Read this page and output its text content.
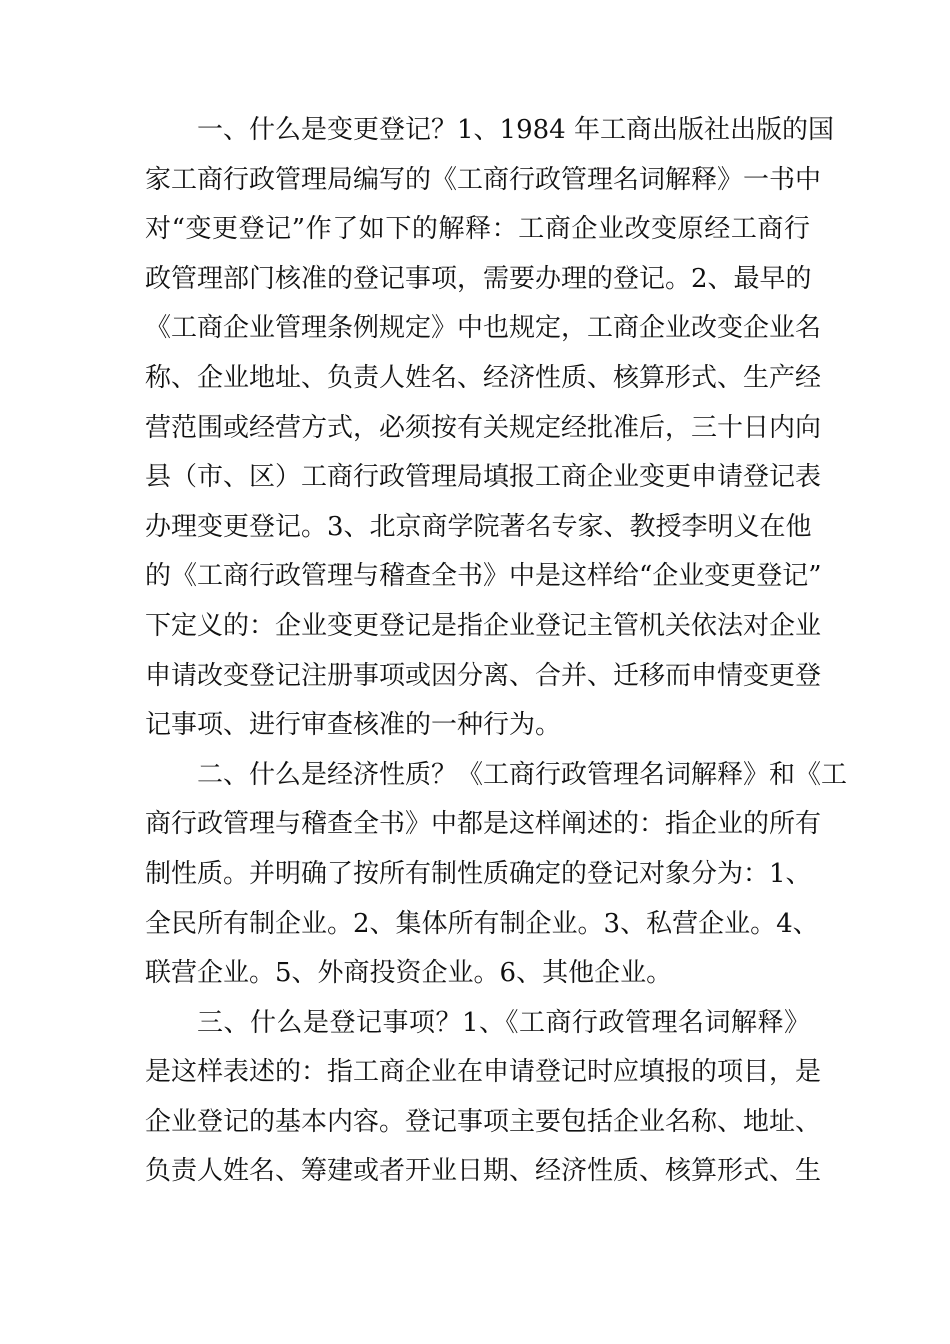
一、什么是变更登记？1、1984 年工商出版社出版的国
家工商行政管理局编写的《工商行政管理名词解释》一书中
对“变更登记”作了如下的解释：工商企业改变原经工商行
政管理部门核准的登记事项，需要办理的登记。2、最早的
《工商企业管理条例规定》中也规定，工商企业改变企业名
称、企业地址、负责人姓名、经济性质、核算形式、生产经
营范围或经营方式，必须按有关规定经批准后，三十日内向
县（市、区）工商行政管理局填报工商企业变更申请登记表
办理变更登记。3、北京商学院著名专家、教授李明义在他
的《工商行政管理与稽查全书》中是这样给“企业变更登记”
下定义的：企业变更登记是指企业登记主管机关依法对企业
申请改变登记注册事项或因分离、合并、迁移而申情变更登
记事项、进行审查核准的一种行为。
二、什么是经济性质？《工商行政管理名词解释》和《工
商行政管理与稽查全书》中都是这样阐述的：指企业的所有
制性质。并明确了按所有制性质确定的登记对象分为：1、
全民所有制企业。2、集体所有制企业。3、私营企业。4、
联营企业。5、外商投资企业。6、其他企业。
三、什么是登记事项？1、《工商行政管理名词解释》
是这样表述的：指工商企业在申请登记时应填报的项目，是
企业登记的基本内容。登记事项主要包括企业名称、地址、
负责人姓名、筹建或者开业日期、经济性质、核算形式、生
